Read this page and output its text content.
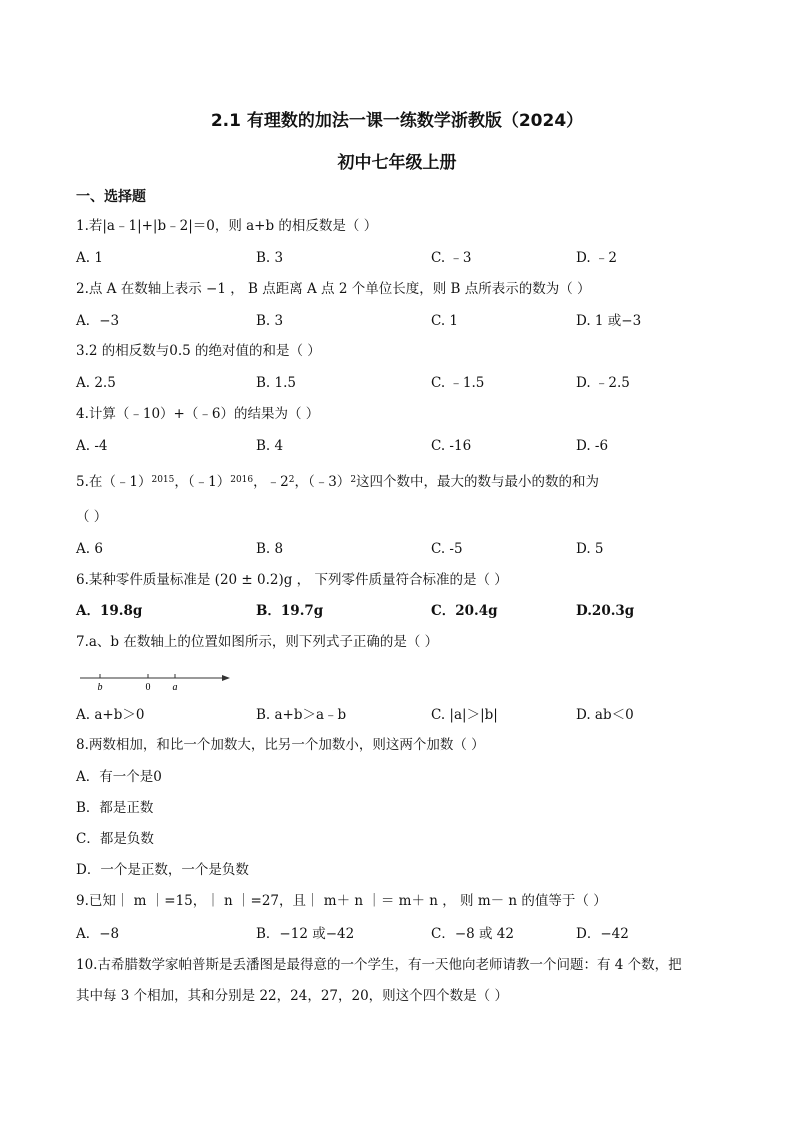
2.1 有理数的加法一课一练数学浙教版（2024）
初中七年级上册
一、选择题
1.若|a﹣1|+|b﹣2|＝0，则 a+b 的相反数是（ ）
A. 1	B. 3	C. ﹣3	D. ﹣2
2.点 A 在数轴上表示 −1 ， B 点距离 A 点 2 个单位长度，则 B 点所表示的数为（ ）
A．−3	B. 3	C. 1	D. 1 或−3
3.2 的相反数与0.5 的绝对值的和是（ ）
A. 2.5	B. 1.5	C. ﹣1.5	D. ﹣2.5
4.计算（﹣10）+（﹣6）的结果为（ ）
A. -4	B. 4	C. -16	D. -6
5.在（﹣1）$^{2015}$，（﹣1）$^{2016}$，$﹣2^2$，（﹣3）$^2$这四个数中，最大的数与最小的数的和为
（ ）
A. 6	B. 8	C. -5	D. 5
6.某种零件质量标准是 (20 ± 0.2)g ， 下列零件质量符合标准的是（ ）
A．19.8g	B．19.7g	C．20.4g	D.20.3g
7.a、b 在数轴上的位置如图所示，则下列式子正确的是（ ）
b	0 a
A. a+b＞0	B. a+b＞a﹣b	C. |a|＞|b|	D. ab＜0
8.两数相加，和比一个加数大，比另一个加数小，则这两个加数（ ）
A．有一个是0
B．都是正数
C．都是负数
D．一个是正数，一个是负数
9.已知｜ m ｜=15，｜ n ｜=27，且｜ m＋ n ｜＝ m＋ n ， 则 m－ n 的值等于（ ）
A．−8	B．−12 或−42	C．−8 或 42	D．−42
10.古希腊数学家帕普斯是丢潘图是最得意的一个学生，有一天他向老师请教一个问题：有 4 个数，把
其中每 3 个相加，其和分别是 22，24，27，20，则这个四个数是（ ）
